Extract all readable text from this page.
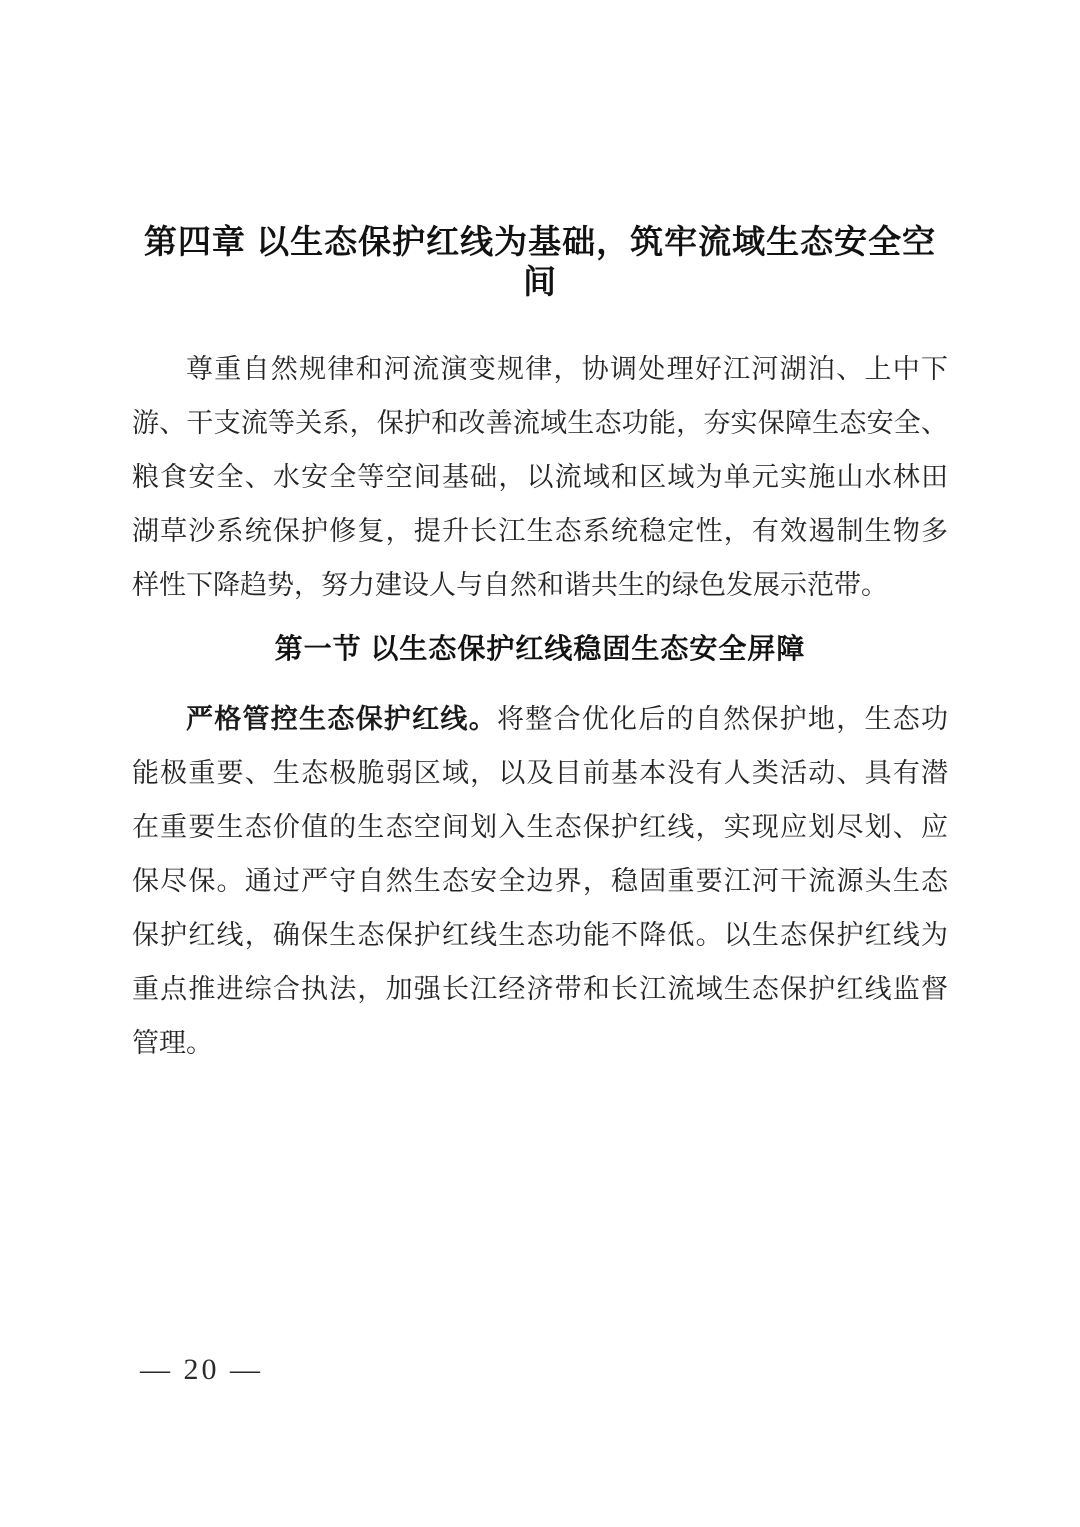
第四章 以生态保护红线为基础，筑牢流域生态安全空间
尊重自然规律和河流演变规律，协调处理好江河湖泊、上中下
游、干支流等关系，保护和改善流域生态功能，夯实保障生态安全、
粮食安全、水安全等空间基础，以流域和区域为单元实施山水林田
湖草沙系统保护修复，提升长江生态系统稳定性，有效遏制生物多
样性下降趋势，努力建设人与自然和谐共生的绿色发展示范带。
第一节 以生态保护红线稳固生态安全屏障
严格管控生态保护红线。将整合优化后的自然保护地，生态功
能极重要、生态极脆弱区域，以及目前基本没有人类活动、具有潜
在重要生态价值的生态空间划入生态保护红线，实现应划尽划、应
保尽保。通过严守自然生态安全边界，稳固重要江河干流源头生态
保护红线，确保生态保护红线生态功能不降低。以生态保护红线为
重点推进综合执法，加强长江经济带和长江流域生态保护红线监督
管理。
— 20 —
